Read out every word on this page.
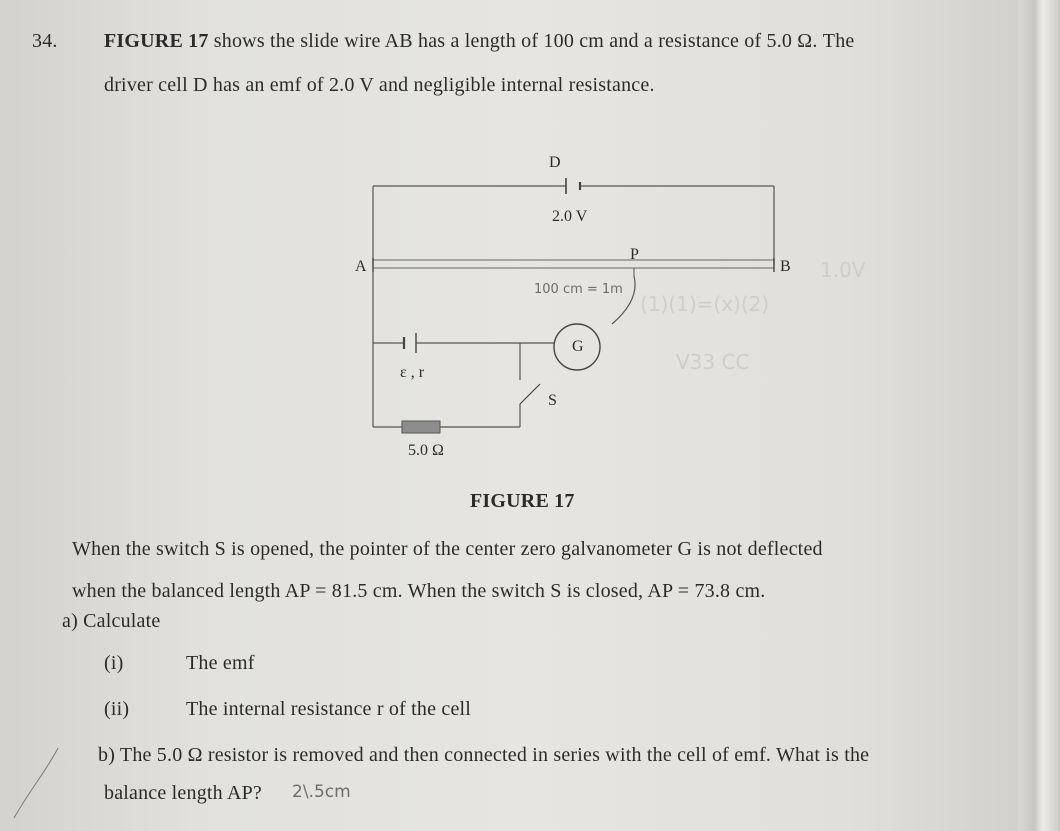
1.0V
(1)(1)=(x)(2)
V33 CC
34. FIGURE 17 shows the slide wire AB has a length of 100 cm and a resistance of 5.0 Ω. The
driver cell D has an emf of 2.0 V and negligible internal resistance.
D
2.0 V
A	B
P
G
ε , r
S
5.0 Ω
100 cm = 1m
FIGURE 17
When the switch S is opened, the pointer of the center zero galvanometer G is not deflected
when the balanced length AP = 81.5 cm. When the switch S is closed, AP = 73.8 cm.
a) Calculate
(i)	The emf
(ii)	The internal resistance r of the cell
b) The 5.0 Ω resistor is removed and then connected in series with the cell of emf. What is the
balance length AP? 2\.5cm
